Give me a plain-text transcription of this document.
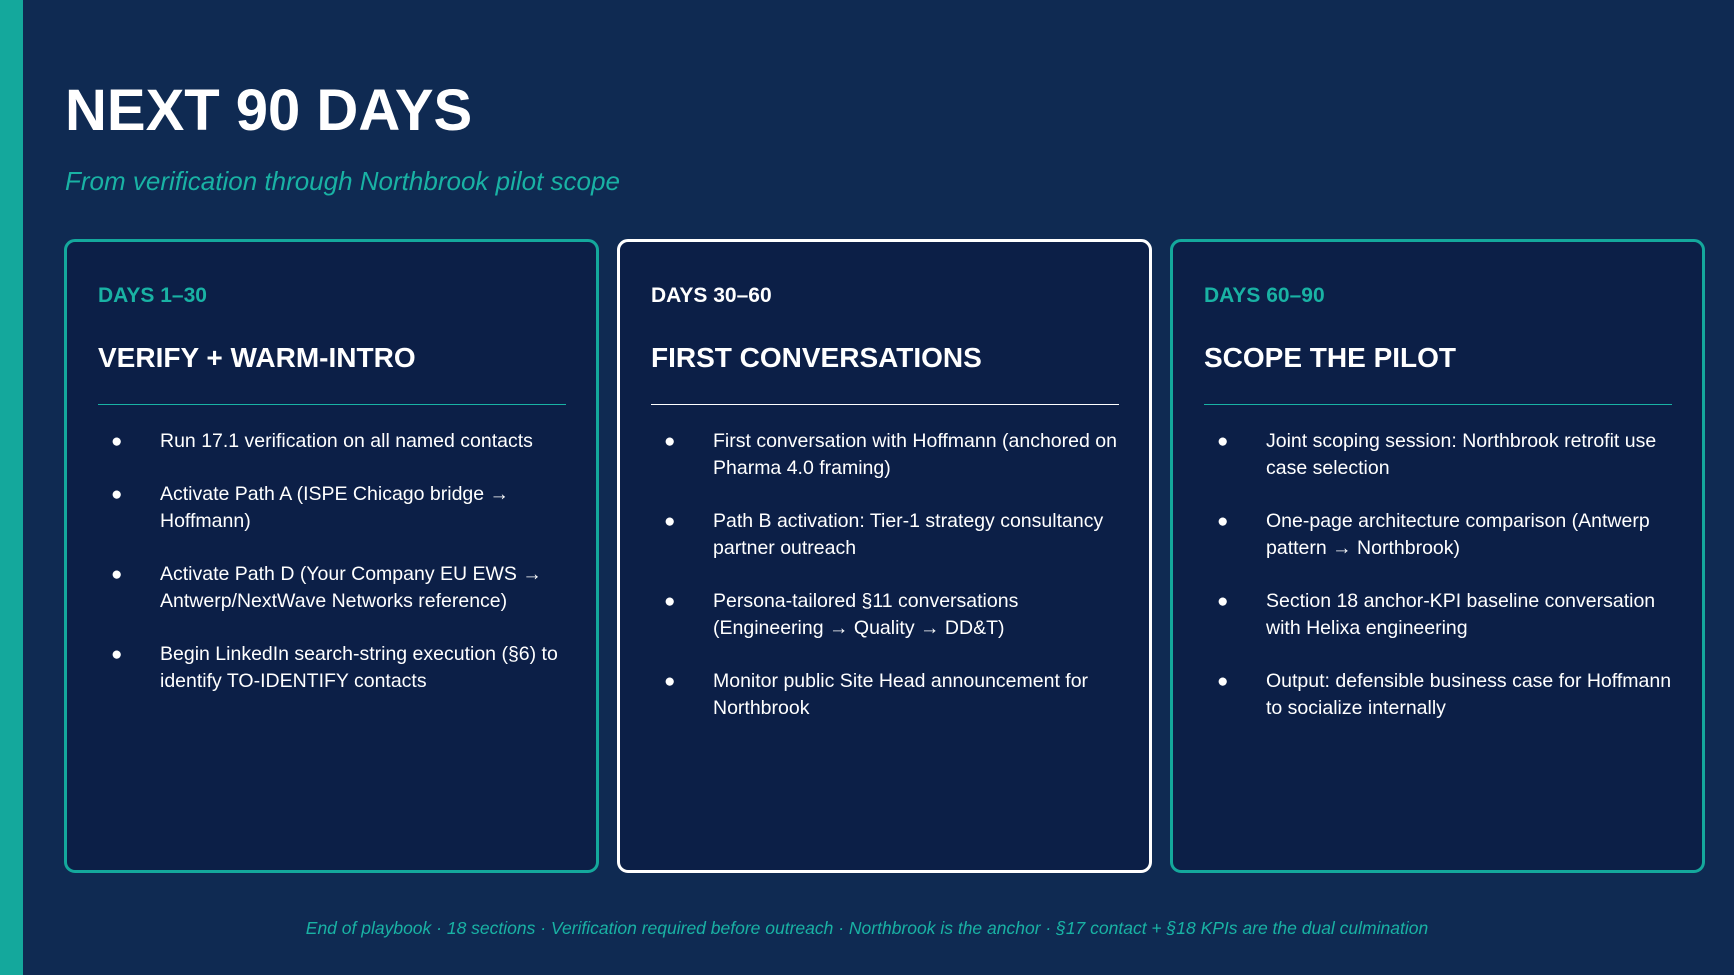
NEXT 90 DAYS

From verification through Northbrook pilot scope

DAYS 1–30

VERIFY + WARM-INTRO
● Run 17.1 verification on all named contacts
● Activate Path A (ISPE Chicago bridge → Hoffmann)
● Activate Path D (Your Company EU EWS → Antwerp/NextWave Networks reference)
● Begin LinkedIn search-string execution (§6) to identify TO-IDENTIFY contacts

DAYS 30–60

FIRST CONVERSATIONS
● First conversation with Hoffmann (anchored on Pharma 4.0 framing)
● Path B activation: Tier-1 strategy consultancy partner outreach
● Persona-tailored §11 conversations (Engineering → Quality → DD&T)
● Monitor public Site Head announcement for Northbrook

DAYS 60–90

SCOPE THE PILOT
● Joint scoping session: Northbrook retrofit use case selection
● One-page architecture comparison (Antwerp pattern → Northbrook)
● Section 18 anchor-KPI baseline conversation with Helixa engineering
● Output: defensible business case for Hoffmann to socialize internally

End of playbook · 18 sections · Verification required before outreach · Northbrook is the anchor · §17 contact + §18 KPIs are the dual culmination
